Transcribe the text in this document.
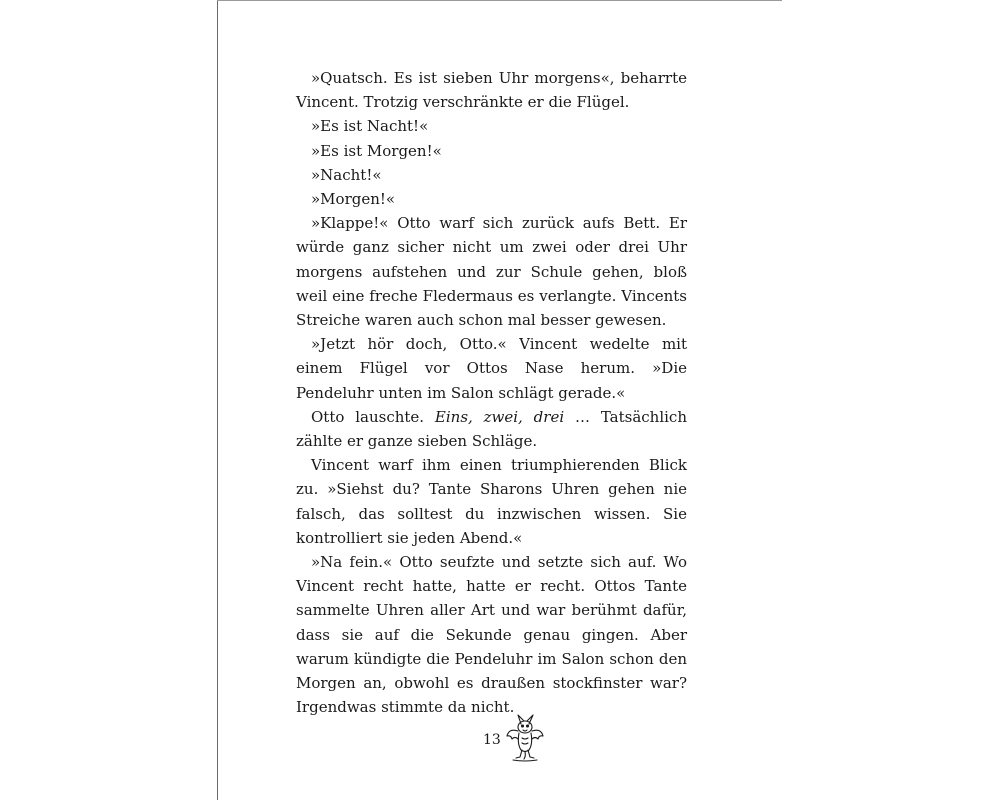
»Quatsch. Es ist sieben Uhr morgens«, beharrte Vincent. Trotzig verschränkte er die Flügel.

»Es ist Nacht!«

»Es ist Morgen!«

»Nacht!«

»Morgen!«

»Klappe!« Otto warf sich zurück aufs Bett. Er würde ganz sicher nicht um zwei oder drei Uhr morgens aufstehen und zur Schule gehen, bloß weil eine freche Fledermaus es verlangte. Vincents Streiche waren auch schon mal besser gewesen.

»Jetzt hör doch, Otto.« Vincent wedelte mit einem Flügel vor Ottos Nase herum. »Die Pendeluhr unten im Salon schlägt gerade.«

Otto lauschte. Eins, zwei, drei … Tatsächlich zählte er ganze sieben Schläge.

Vincent warf ihm einen triumphierenden Blick zu. »Siehst du? Tante Sharons Uhren gehen nie falsch, das solltest du inzwischen wissen. Sie kontrolliert sie jeden Abend.«

»Na fein.« Otto seufzte und setzte sich auf. Wo Vincent recht hatte, hatte er recht. Ottos Tante sammelte Uhren aller Art und war berühmt dafür, dass sie auf die Sekunde genau gingen. Aber warum kündigte die Pendeluhr im Salon schon den Morgen an, obwohl es draußen stockfinster war? Irgendwas stimmte da nicht.

13
